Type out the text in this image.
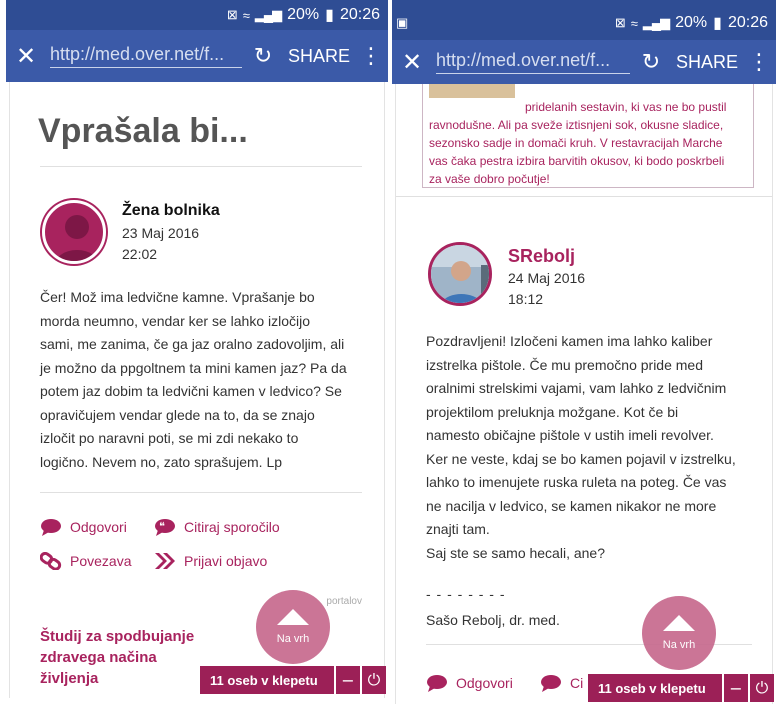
⊠ ≈ ▂▄▆ 20% ▮ 20:26
✕ http://med.over.net/f...	↻ SHARE ⋮
Vprašala bi...
Žena bolnika
23 Maj 2016
22:02
Čer! Mož ima ledvične kamne. Vprašanje bo
morda neumno, vendar ker se lahko izločijo
sami, me zanima, če ga jaz oralno zadovoljim, ali
je možno da ppgoltnem ta mini kamen jaz? Pa da
potem jaz dobim ta ledvični kamen v ledvico? Se
opravičujem vendar glede na to, da se znajo
izločit po naravni poti, se mi zdi nekako to
logično. Nevem no, zato sprašujem. Lp
Odgovori	❝ Citiraj sporočilo
Povezava	Prijavi objavo
portalov
Študij za spodbujanje
zdravega načina
življenja
Na vrh
11 oseb v klepetu	− ⏻
▣	⊠ ≈ ▂▄▆ 20% ▮ 20:26
✕ http://med.over.net/f...	↻ SHARE ⋮
pridelanih sestavin, ki vas ne bo pustil
ravnodušne. Ali pa sveže iztisnjeni sok, okusne sladice,
sezonsko sadje in domači kruh. V restavracijah Marche
vas čaka pestra izbira barvitih okusov, ki bodo poskrbeli
za vaše dobro počutje!
SRebolj
24 Maj 2016
18:12
Pozdravljeni! Izločeni kamen ima lahko kaliber
izstrelka pištole. Če mu premočno pride med
oralnimi strelskimi vajami, vam lahko z ledvičnim
projektilom preluknja možgane. Kot če bi
namesto običajne pištole v ustih imeli revolver.
Ker ne veste, kdaj se bo kamen pojavil v izstrelku,
lahko to imenujete ruska ruleta na poteg. Če vas
ne nacilja v ledvico, se kamen nikakor ne more
znajti tam.
Saj ste se samo hecali, ane?
- - - - - - - -
Sašo Rebolj, dr. med.
Odgovori	Ci
Na vrh
11 oseb v klepetu	− ⏻
